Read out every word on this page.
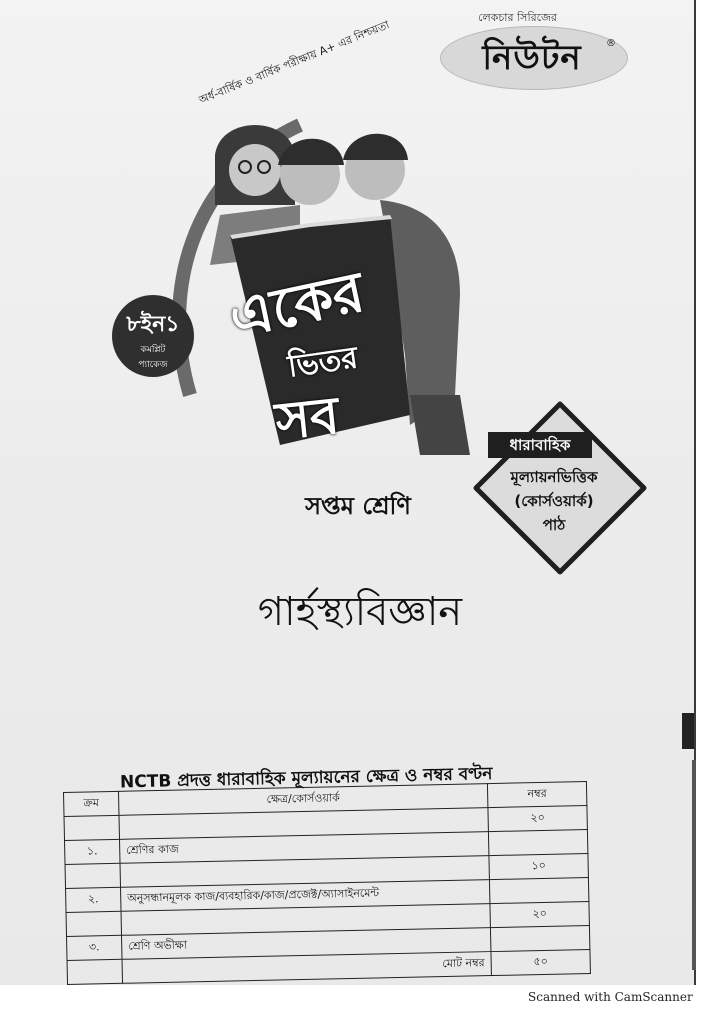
লেকচার সিরিজের
নিউটন	®
অর্ধ-বার্ষিক ও বার্ষিক পরীক্ষায় A+ এর নিশ্চয়তা
৮ইন১
কমপ্লিট
প্যাকেজ
একের
ভিতর
সব	ধারাবাহিক
মূল্যায়নভিত্তিক
(কোর্সওয়ার্ক)
পাঠ
সপ্তম শ্রেণি
গার্হস্থ্যবিজ্ঞান
NCTB প্রদত্ত ধারাবাহিক মূল্যায়নের ক্ষেত্র ও নম্বর বণ্টন
ক্রম	ক্ষেত্র/কোর্সওয়ার্ক	নম্বর
		২০
১.	শ্রেণির কাজ	
		১০
২.	অনুসন্ধানমূলক কাজ/ব্যবহারিক/কাজ/প্রজেক্ট/অ্যাসাইনমেন্ট	
		২০
৩.	শ্রেণি অভীক্ষা	
	মোট নম্বর	৫০
Scanned with CamScanner
